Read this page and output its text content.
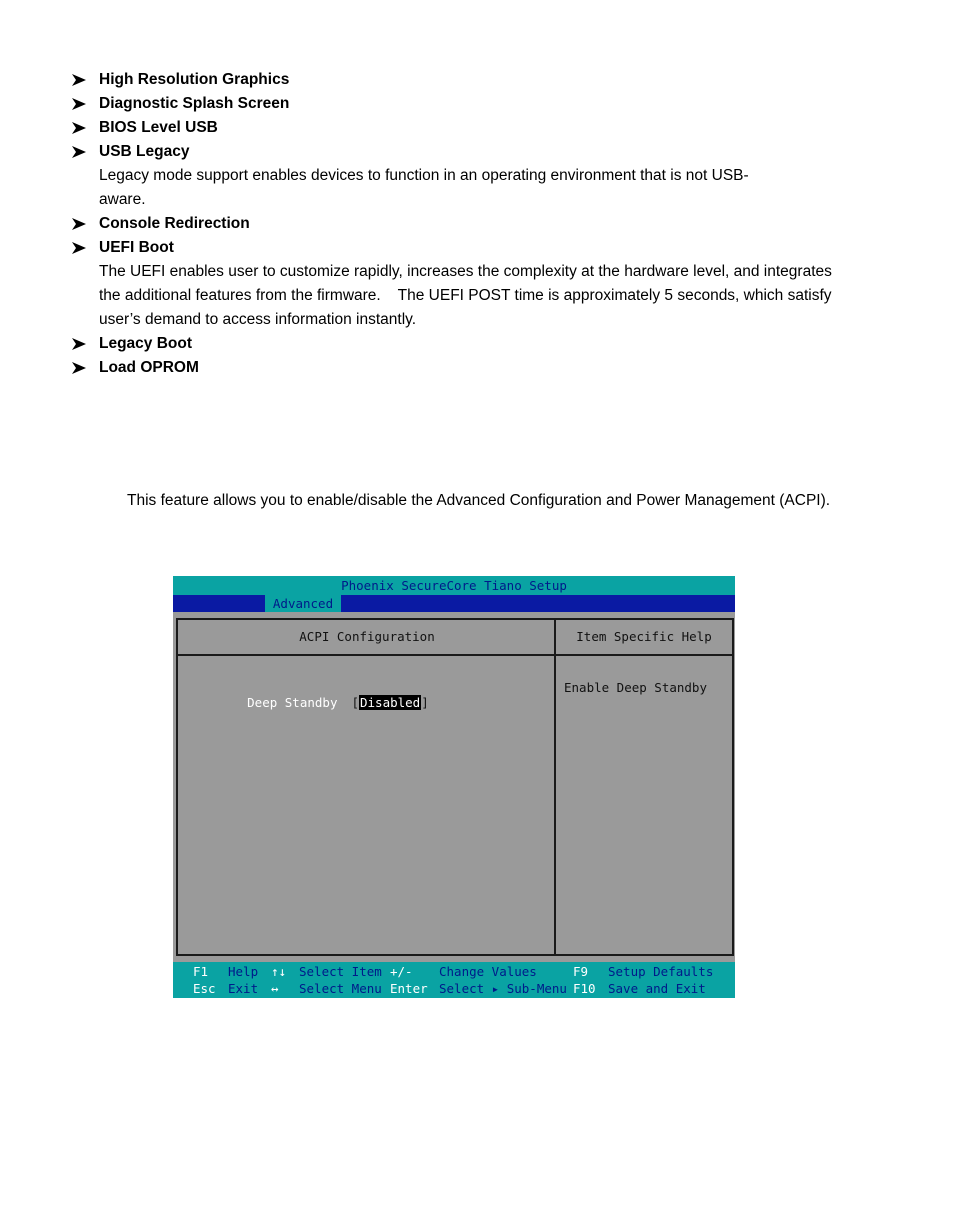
High Resolution Graphics
Diagnostic Splash Screen
BIOS Level USB
USB Legacy
Legacy mode support enables devices to function in an operating environment that is not USB-aware.
Console Redirection
UEFI Boot
The UEFI enables user to customize rapidly, increases the complexity at the hardware level, and integrates the additional features from the firmware.    The UEFI POST time is approximately 5 seconds, which satisfy user’s demand to access information instantly.
Legacy Boot
Load OPROM
This feature allows you to enable/disable the Advanced Configuration and Power Management (ACPI).
Phoenix SecureCore Tiano Setup
Advanced
ACPI Configuration

Deep Standby [Disabled]

Item Specific Help
Enable Deep Standby
F1 Help ↑↓ Select Item +/- Change Values	F9 Setup Defaults
Esc Exit ↔ Select Menu Enter Select ▸ Sub-Menu F10 Save and Exit
